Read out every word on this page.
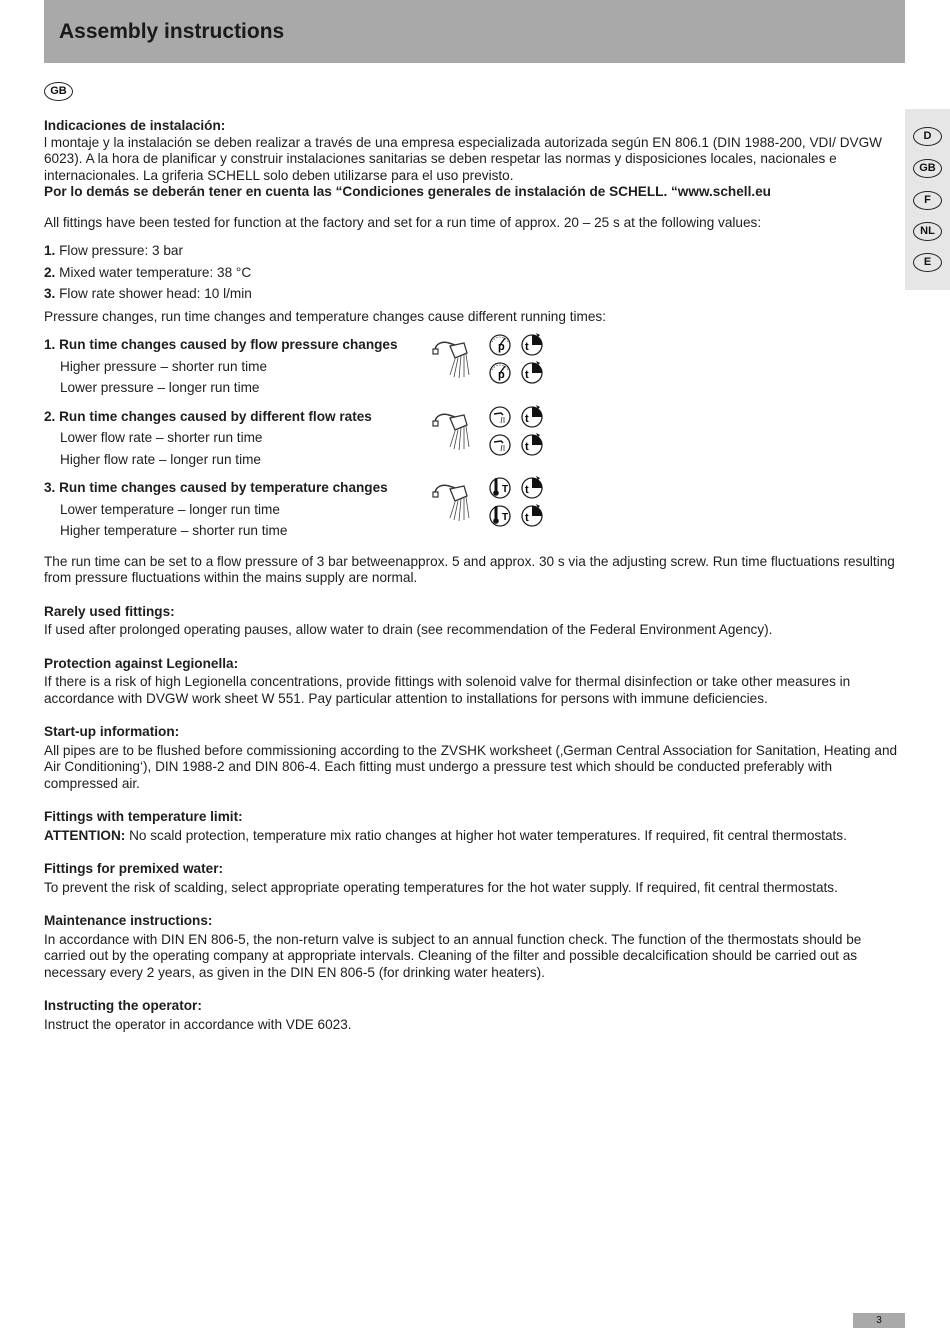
Assembly instructions
GB
D
GB
F
NL
E

Indicaciones de instalación:

l montaje y la instalación se deben realizar a través de una empresa especializada autorizada según EN 806.1 (DIN 1988-200, VDI/ DVGW 6023). A la hora de planificar y construir instalaciones sanitarias se deben respetar las normas y disposiciones locales, nacionales e internacionales. La griferia SCHELL solo deben utilizarse para el uso previsto.

Por lo demás se deberán tener en cuenta las “Condiciones generales de instalación de SCHELL. “www.schell.eu

All fittings have been tested for function at the factory and set for a run time of approx. 20 – 25 s at the following values:

1. Flow pressure: 3 bar
2. Mixed water temperature: 38 °C
3. Flow rate shower head: 10 l/min

Pressure changes, run time changes and temperature changes cause different running times:

1. Run time changes caused by flow pressure changes

Higher pressure – shorter run time

Lower pressure – longer run time

p t
p t

2. Run time changes caused by different flow rates

Lower flow rate – shorter run time

Higher flow rate – longer run time

t
t

3. Run time changes caused by temperature changes

Lower temperature – longer run time

Higher temperature – shorter run time

T t
T t

The run time can be set to a flow pressure of 3 bar betweenapprox. 5 and approx. 30 s via the adjusting screw. Run time fluctuations resulting from pressure fluctuations within the mains supply are normal.

Rarely used fittings:

If used after prolonged operating pauses, allow water to drain (see recommendation of the Federal Environment Agency).

Protection against Legionella:

If there is a risk of high Legionella concentrations, provide fittings with solenoid valve for thermal disinfection or take other measures in accordance with DVGW work sheet W 551. Pay particular attention to installations for persons with immune deficiencies.

Start-up information:

All pipes are to be flushed before commissioning according to the ZVSHK worksheet (‚German Central Association for Sanitation, Heating and Air Conditioning‘), DIN 1988-2 and DIN 806-4. Each fitting must undergo a pressure test which should be conducted preferably with compressed air.

Fittings with temperature limit:

ATTENTION: No scald protection, temperature mix ratio changes at higher hot water temperatures. If required, fit central thermostats.

Fittings for premixed water:

To prevent the risk of scalding, select appropriate operating temperatures for the hot water supply. If required, fit central thermostats.

Maintenance instructions:

In accordance with DIN EN 806-5, the non-return valve is subject to an annual function check. The function of the thermostats should be carried out by the operating company at appropriate intervals. Cleaning of the filter and possible decalcification should be carried out as necessary every 2 years, as given in the DIN EN 806-5 (for drinking water heaters).

Instructing the operator:

Instruct the operator in accordance with VDE 6023.

3
